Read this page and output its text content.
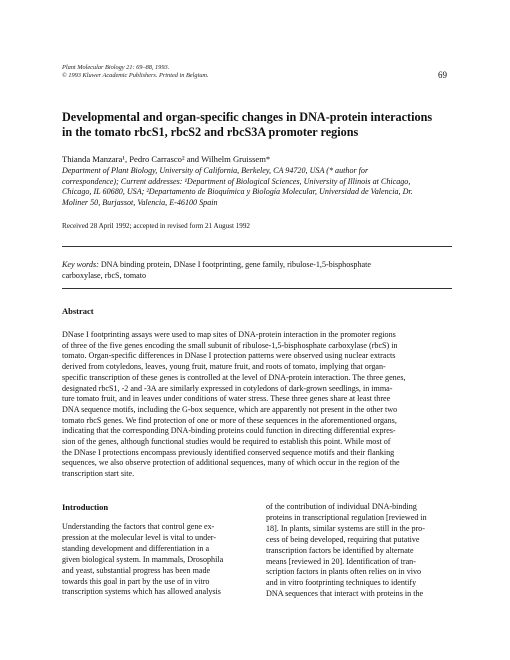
Plant Molecular Biology 21: 69–88, 1993.
© 1993 Kluwer Academic Publishers. Printed in Belgium.	69
Developmental and organ-specific changes in DNA-protein interactions
in the tomato rbcS1, rbcS2 and rbcS3A promoter regions
Thianda Manzara¹, Pedro Carrasco² and Wilhelm Gruissem*
Department of Plant Biology, University of California, Berkeley, CA 94720, USA (* author for
correspondence); Current addresses: ¹Department of Biological Sciences, University of Illinois at Chicago,
Chicago, IL 60680, USA; ²Departamento de Bioquímica y Biología Molecular, Universidad de Valencia, Dr.
Moliner 50, Burjassot, Valencia, E-46100 Spain
Received 28 April 1992; accepted in revised form 21 August 1992
Key words: DNA binding protein, DNase I footprinting, gene family, ribulose-1,5-bisphosphate
carboxylase, rbcS, tomato
Abstract
DNase I footprinting assays were used to map sites of DNA-protein interaction in the promoter regions
of three of the five genes encoding the small subunit of ribulose-1,5-bisphosphate carboxylase (rbcS) in
tomato. Organ-specific differences in DNase I protection patterns were observed using nuclear extracts
derived from cotyledons, leaves, young fruit, mature fruit, and roots of tomato, implying that organ-
specific transcription of these genes is controlled at the level of DNA-protein interaction. The three genes,
designated rbcS1, -2 and -3A are similarly expressed in cotyledons of dark-grown seedlings, in imma-
ture tomato fruit, and in leaves under conditions of water stress. These three genes share at least three
DNA sequence motifs, including the G-box sequence, which are apparently not present in the other two
tomato rbcS genes. We find protection of one or more of these sequences in the aforementioned organs,
indicating that the corresponding DNA-binding proteins could function in directing differential expres-
sion of the genes, although functional studies would be required to establish this point. While most of
the DNase I protections encompass previously identified conserved sequence motifs and their flanking
sequences, we also observe protection of additional sequences, many of which occur in the region of the
transcription start site.
Introduction
Understanding the factors that control gene ex-
pression at the molecular level is vital to under-
standing development and differentiation in a
given biological system. In mammals, Drosophila
and yeast, substantial progress has been made
towards this goal in part by the use of in vitro
transcription systems which has allowed analysis
of the contribution of individual DNA-binding
proteins in transcriptional regulation [reviewed in
18]. In plants, similar systems are still in the pro-
cess of being developed, requiring that putative
transcription factors be identified by alternate
means [reviewed in 20]. Identification of tran-
scription factors in plants often relies on in vivo
and in vitro footprinting techniques to identify
DNA sequences that interact with proteins in the
